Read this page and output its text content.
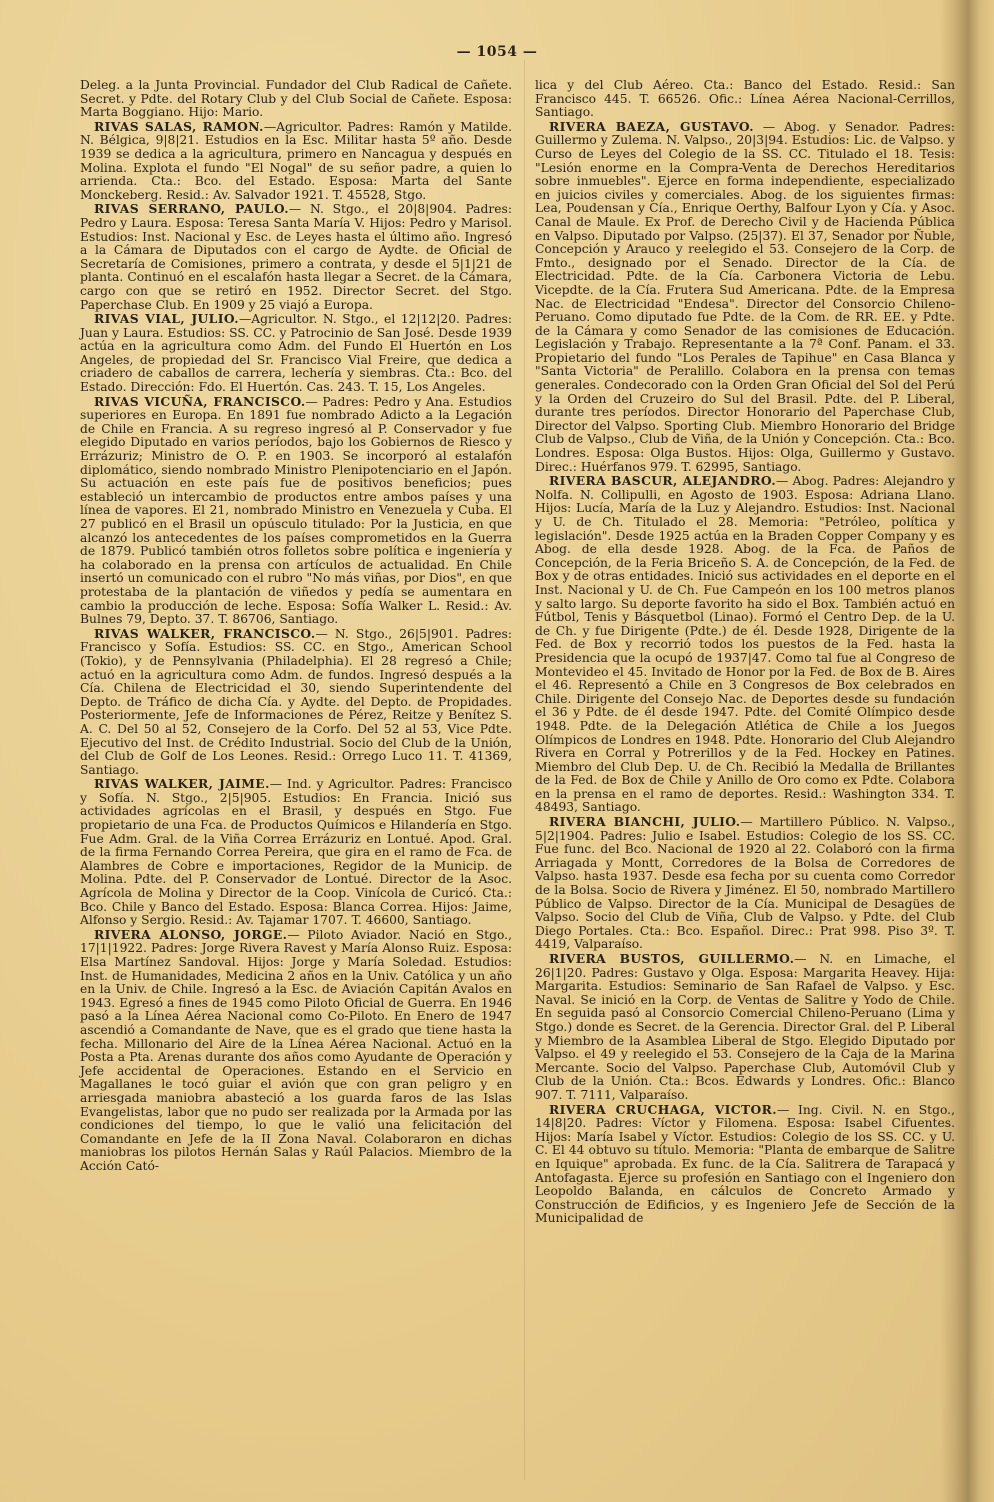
— 1054 —

Deleg. a la Junta Provincial. Fundador del Club Radical de Cañete. Secret. y Pdte. del Rotary Club y del Club Social de Cañete. Esposa: Marta Boggiano. Hijo: Mario.

RIVAS SALAS, RAMON.—Agricultor. Padres: Ramón y Matilde. N. Bélgica, 9|8|21. Estudios en la Esc. Militar hasta 5º año. Desde 1939 se dedica a la agricultura, primero en Nancagua y después en Molina. Explota el fundo "El Nogal" de su señor padre, a quien lo arrienda. Cta.: Bco. del Estado. Esposa: Marta del Sante Monckeberg. Resid.: Av. Salvador 1921. T. 45528, Stgo.

RIVAS SERRANO, PAULO.— N. Stgo., el 20|8|904. Padres: Pedro y Laura. Esposa: Teresa Santa María V. Hijos: Pedro y Marisol. Estudios: Inst. Nacional y Esc. de Leyes hasta el último año. Ingresó a la Cámara de Diputados con el cargo de Aydte. de Oficial de Secretaría de Comisiones, primero a contrata, y desde el 5|1|21 de planta. Continuó en el escalafón hasta llegar a Secret. de la Cámara, cargo con que se retiró en 1952. Director Secret. del Stgo. Paperchase Club. En 1909 y 25 viajó a Europa.

RIVAS VIAL, JULIO.—Agricultor. N. Stgo., el 12|12|20. Padres: Juan y Laura. Estudios: SS. CC. y Patrocinio de San José. Desde 1939 actúa en la agricultura como Adm. del Fundo El Huertón en Los Angeles, de propiedad del Sr. Francisco Vial Freire, que dedica a criadero de caballos de carrera, lechería y siembras. Cta.: Bco. del Estado. Dirección: Fdo. El Huertón. Cas. 243. T. 15, Los Angeles.

RIVAS VICUÑA, FRANCISCO.— Padres: Pedro y Ana. Estudios superiores en Europa. En 1891 fue nombrado Adicto a la Legación de Chile en Francia. A su regreso ingresó al P. Conservador y fue elegido Diputado en varios períodos, bajo los Gobiernos de Riesco y Errázuriz; Ministro de O. P. en 1903. Se incorporó al estalafón diplomático, siendo nombrado Ministro Plenipotenciario en el Japón. Su actuación en este país fue de positivos beneficios; pues estableció un intercambio de productos entre ambos países y una línea de vapores. El 21, nombrado Ministro en Venezuela y Cuba. El 27 publicó en el Brasil un opúsculo titulado: Por la Justicia, en que alcanzó los antecedentes de los países comprometidos en la Guerra de 1879. Publicó también otros folletos sobre política e ingeniería y ha colaborado en la prensa con artículos de actualidad. En Chile insertó un comunicado con el rubro "No más viñas, por Dios", en que protestaba de la plantación de viñedos y pedía se aumentara en cambio la producción de leche. Esposa: Sofía Walker L. Resid.: Av. Bulnes 79, Depto. 37. T. 86706, Santiago.

RIVAS WALKER, FRANCISCO.— N. Stgo., 26|5|901. Padres: Francisco y Sofía. Estudios: SS. CC. en Stgo., American School (Tokio), y de Pennsylvania (Philadelphia). El 28 regresó a Chile; actuó en la agricultura como Adm. de fundos. Ingresó después a la Cía. Chilena de Electricidad el 30, siendo Superintendente del Depto. de Tráfico de dicha Cía. y Aydte. del Depto. de Propidades. Posteriormente, Jefe de Informaciones de Pérez, Reitze y Benítez S. A. C. Del 50 al 52, Consejero de la Corfo. Del 52 al 53, Vice Pdte. Ejecutivo del Inst. de Crédito Industrial. Socio del Club de la Unión, del Club de Golf de Los Leones. Resid.: Orrego Luco 11. T. 41369, Santiago.

RIVAS WALKER, JAIME.— Ind. y Agricultor. Padres: Francisco y Sofía. N. Stgo., 2|5|905. Estudios: En Francia. Inició sus actividades agrícolas en el Brasil, y después en Stgo. Fue propietario de una Fca. de Productos Químicos e Hilandería en Stgo. Fue Adm. Gral. de la Viña Correa Errázuriz en Lontué. Apod. Gral. de la firma Fernando Correa Pereira, que gira en el ramo de Fca. de Alambres de Cobre e importaciones, Regidor de la Municip. de Molina. Pdte. del P. Conservador de Lontué. Director de la Asoc. Agrícola de Molina y Director de la Coop. Vinícola de Curicó. Cta.: Bco. Chile y Banco del Estado. Esposa: Blanca Correa. Hijos: Jaime, Alfonso y Sergio. Resid.: Av. Tajamar 1707. T. 46600, Santiago.

RIVERA ALONSO, JORGE.— Piloto Aviador. Nació en Stgo., 17|1|1922. Padres: Jorge Rivera Ravest y María Alonso Ruiz. Esposa: Elsa Martínez Sandoval. Hijos: Jorge y María Soledad. Estudios: Inst. de Humanidades, Medicina 2 años en la Univ. Católica y un año en la Univ. de Chile. Ingresó a la Esc. de Aviación Capitán Avalos en 1943. Egresó a fines de 1945 como Piloto Oficial de Guerra. En 1946 pasó a la Línea Aérea Nacional como Co-Piloto. En Enero de 1947 ascendió a Comandante de Nave, que es el grado que tiene hasta la fecha. Millonario del Aire de la Línea Aérea Nacional. Actuó en la Posta a Pta. Arenas durante dos años como Ayudante de Operación y Jefe accidental de Operaciones. Estando en el Servicio en Magallanes le tocó guiar el avión que con gran peligro y en arriesgada maniobra abasteció a los guarda faros de las Islas Evangelistas, labor que no pudo ser realizada por la Armada por las condiciones del tiempo, lo que le valió una felicitación del Comandante en Jefe de la II Zona Naval. Colaboraron en dichas maniobras los pilotos Hernán Salas y Raúl Palacios. Miembro de la Acción Cató-

lica y del Club Aéreo. Cta.: Banco del Estado. Resid.: San Francisco 445. T. 66526. Ofic.: Línea Aérea Nacional-Cerrillos, Santiago.

RIVERA BAEZA, GUSTAVO. — Abog. y Senador. Padres: Guillermo y Zulema. N. Valpso., 20|3|94. Estudios: Lic. de Valpso. y Curso de Leyes del Colegio de la SS. CC. Titulado el 18. Tesis: "Lesión enorme en la Compra-Venta de Derechos Hereditarios sobre inmuebles". Ejerce en forma independiente, especializado en juicios civiles y comerciales. Abog. de los siguientes firmas: Lea, Poudensan y Cía., Enrique Oerthy, Balfour Lyon y Cía. y Asoc. Canal de Maule. Ex Prof. de Derecho Civil y de Hacienda Pública en Valpso. Diputado por Valpso. (25|37). El 37, Senador por Ñuble, Concepción y Arauco y reelegido el 53. Consejero de la Corp. de Fmto., designado por el Senado. Director de la Cía. de Electricidad. Pdte. de la Cía. Carbonera Victoria de Lebu. Vicepdte. de la Cía. Frutera Sud Americana. Pdte. de la Empresa Nac. de Electricidad "Endesa". Director del Consorcio Chileno-Peruano. Como diputado fue Pdte. de la Com. de RR. EE. y Pdte. de la Cámara y como Senador de las comisiones de Educación. Legislación y Trabajo. Representante a la 7ª Conf. Panam. el 33. Propietario del fundo "Los Perales de Tapihue" en Casa Blanca y "Santa Victoria" de Peralillo. Colabora en la prensa con temas generales. Condecorado con la Orden Gran Oficial del Sol del Perú y la Orden del Cruzeiro do Sul del Brasil. Pdte. del P. Liberal, durante tres períodos. Director Honorario del Paperchase Club, Director del Valpso. Sporting Club. Miembro Honorario del Bridge Club de Valpso., Club de Viña, de la Unión y Concepción. Cta.: Bco. Londres. Esposa: Olga Bustos. Hijos: Olga, Guillermo y Gustavo. Direc.: Huérfanos 979. T. 62995, Santiago.

RIVERA BASCUR, ALEJANDRO.— Abog. Padres: Alejandro y Nolfa. N. Collipulli, en Agosto de 1903. Esposa: Adriana Llano. Hijos: Lucía, María de la Luz y Alejandro. Estudios: Inst. Nacional y U. de Ch. Titulado el 28. Memoria: "Petróleo, política y legislación". Desde 1925 actúa en la Braden Copper Company y es Abog. de ella desde 1928. Abog. de la Fca. de Paños de Concepción, de la Feria Briceño S. A. de Concepción, de la Fed. de Box y de otras entidades. Inició sus actividades en el deporte en el Inst. Nacional y U. de Ch. Fue Campeón en los 100 metros planos y salto largo. Su deporte favorito ha sido el Box. También actuó en Fútbol, Tenis y Básquetbol (Linao). Formó el Centro Dep. de la U. de Ch. y fue Dirigente (Pdte.) de él. Desde 1928, Dirigente de la Fed. de Box y recorrió todos los puestos de la Fed. hasta la Presidencia que la ocupó de 1937|47. Como tal fue al Congreso de Montevideo el 45. Invitado de Honor por la Fed. de Box de B. Aires el 46. Representó a Chile en 3 Congresos de Box celebrados en Chile. Dirigente del Consejo Nac. de Deportes desde su fundación el 36 y Pdte. de él desde 1947. Pdte. del Comité Olímpico desde 1948. Pdte. de la Delegación Atlética de Chile a los Juegos Olímpicos de Londres en 1948. Pdte. Honorario del Club Alejandro Rivera en Corral y Potrerillos y de la Fed. Hockey en Patines. Miembro del Club Dep. U. de Ch. Recibió la Medalla de Brillantes de la Fed. de Box de Chile y Anillo de Oro como ex Pdte. Colabora en la prensa en el ramo de deportes. Resid.: Washington 334. T. 48493, Santiago.

RIVERA BIANCHI, JULIO.— Martillero Público. N. Valpso., 5|2|1904. Padres: Julio e Isabel. Estudios: Colegio de los SS. CC. Fue func. del Bco. Nacional de 1920 al 22. Colaboró con la firma Arriagada y Montt, Corredores de la Bolsa de Corredores de Valpso. hasta 1937. Desde esa fecha por su cuenta como Corredor de la Bolsa. Socio de Rivera y Jiménez. El 50, nombrado Martillero Público de Valpso. Director de la Cía. Municipal de Desagües de Valpso. Socio del Club de Viña, Club de Valpso. y Pdte. del Club Diego Portales. Cta.: Bco. Español. Direc.: Prat 998. Piso 3º. T. 4419, Valparaíso.

RIVERA BUSTOS, GUILLERMO.— N. en Limache, el 26|1|20. Padres: Gustavo y Olga. Esposa: Margarita Heavey. Hija: Margarita. Estudios: Seminario de San Rafael de Valpso. y Esc. Naval. Se inició en la Corp. de Ventas de Salitre y Yodo de Chile. En seguida pasó al Consorcio Comercial Chileno-Peruano (Lima y Stgo.) donde es Secret. de la Gerencia. Director Gral. del P. Liberal y Miembro de la Asamblea Liberal de Stgo. Elegido Diputado por Valpso. el 49 y reelegido el 53. Consejero de la Caja de la Marina Mercante. Socio del Valpso. Paperchase Club, Automóvil Club y Club de la Unión. Cta.: Bcos. Edwards y Londres. Ofic.: Blanco 907. T. 7111, Valparaíso.

RIVERA CRUCHAGA, VICTOR.— Ing. Civil. N. en Stgo., 14|8|20. Padres: Víctor y Filomena. Esposa: Isabel Cifuentes. Hijos: María Isabel y Víctor. Estudios: Colegio de los SS. CC. y U. C. El 44 obtuvo su título. Memoria: "Planta de embarque de Salitre en Iquique" aprobada. Ex func. de la Cía. Salitrera de Tarapacá y Antofagasta. Ejerce su profesión en Santiago con el Ingeniero don Leopoldo Balanda, en cálculos de Concreto Armado y Construcción de Edificios, y es Ingeniero Jefe de Sección de la Municipalidad de
